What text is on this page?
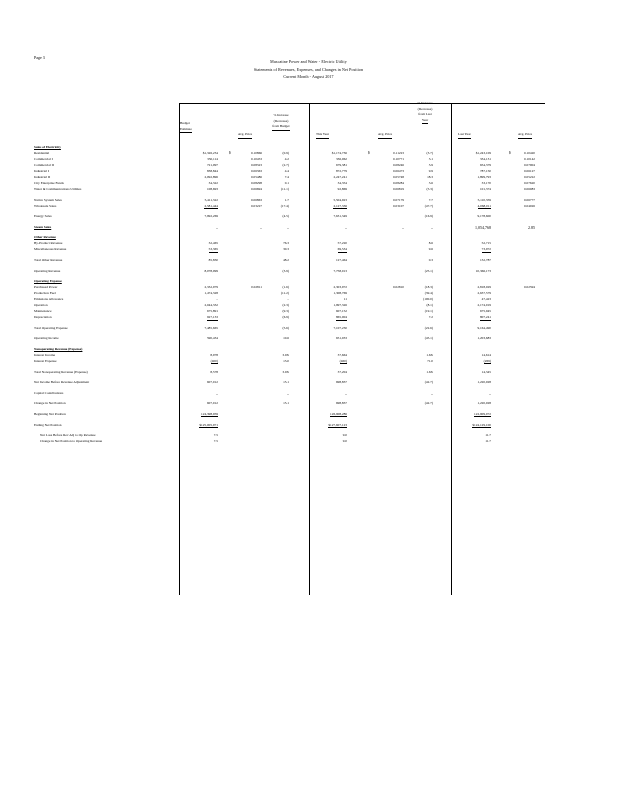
Page 3
Muscatine Power and Water - Electric Utility
Statements of Revenues, Expenses, and Changes in Net Position
Current Month - August 2017
Budget
Estimate
Avg. Price
% Increase
(Decrease)
from Budget
This Year	Avg. Price
% Increase
(Decrease)
from Last
Year
Last Year	Avg. Price
Sales of Electricity
Residential	$1,326,234	$	0.10866	(0.9)	$1,174,736	$	0.11223	(3.7)	$1,243,109	$	0.10420
Commercial I	330,114	0.10453	4.2	336,062	0.10771	3.1	334,131	0.10142
Commercial II	721,097	0.08323	(2.7)	679,381	0.08246	3.9	654,379	0.07904
Industrial I	838,844	0.06363	4.4	872,779	0.06473	9.9	787,150	0.06127
Industrial II	2,092,896	0.05486	7.4	2,247,241	0.05748	18.3	1,899,793	0.05222
City Enterprise Funds	34,322	0.08298	0.1	34,354	0.08284	3.6	33,170	0.07620
Water & Communications Utilities	108,693	0.06694	(11.1)	92,869	0.06819	(5.3)	101,374	0.06083
Native System Sales	5,411,322	0.06863	1.7	5,504,923	0.07179	7.7	5,110,359	0.06777
Wholesale Sales	2,581,444	0.03227	(17.4)	2,127,336	0.03107	(47.7)	4,068,011	0.04026
Energy Sales	7,992,269	(4.5)	7,631,349	(16.9)	9,178,600
Steam Sales	–	–	–	–	–	–	1,054,768	2.85
Other Revenue
By-Product Revenue	32,465	76.3	57,220	8.6	52,715
Miscellaneous Revenue	53,365	30.3	69,534	9.6	73,972
Total Other Revenue	85,830	48.2	127,464	0.3	132,787
Operating Revenue	8,078,099	(3.9)	7,758,013	(25.1)	10,366,173
Operating Expense
Purchased Power	2,332,979	0.02811	(1.6)	2,303,972	0.02810	(18.3)	2,818,029	0.02594
Production Fuel	1,474,328	(11.2)	1,308,769	(39.4)	2,637,579
Emissions Allowance	–	–	11	(100.0)	47,423
Operation	2,044,332	(2.3)	1,997,326	(8.1)	2,174,019
Maintenance	675,891	(9.3)	607,152	(19.1)	675,945
Depreciation	927,133	(6.9)	865,004	7.2	807,241
Total Operating Expense	7,485,665	(5.6)	7,107,230	(22.6)	9,164,490
Operating Income	590,434	10.6	651,033	(45.1)	1,203,683
Nonoperating Revenue (Expense)
Interest Income	8,978	3.0X	37,664	1.6X	14,614
Interest Expense	(400)	13.0	(460)	71.0	(269)
Total Nonoperating Revenue (Expense)	8,578	3.0X	37,204	1.6X	14,345
Net Income Before Revenue Adjustment	607,012	15.1	698,837	(42.7)	1,220,028
Capital Contributions	–	–	–	–	–
Change in Net Position	607,012	15.1	698,837	(42.7)	1,220,028
Beginning Net Position	124,398,959	126,908,286	122,909,072
Ending Net Position	$125,005,971	$127,607,123	$124,129,100
Net Loss Before Rev Adj to Op Revenue	7.5	9.0	11.7
Change in Net Position to Operating Revenue	7.5	9.0	11.7
